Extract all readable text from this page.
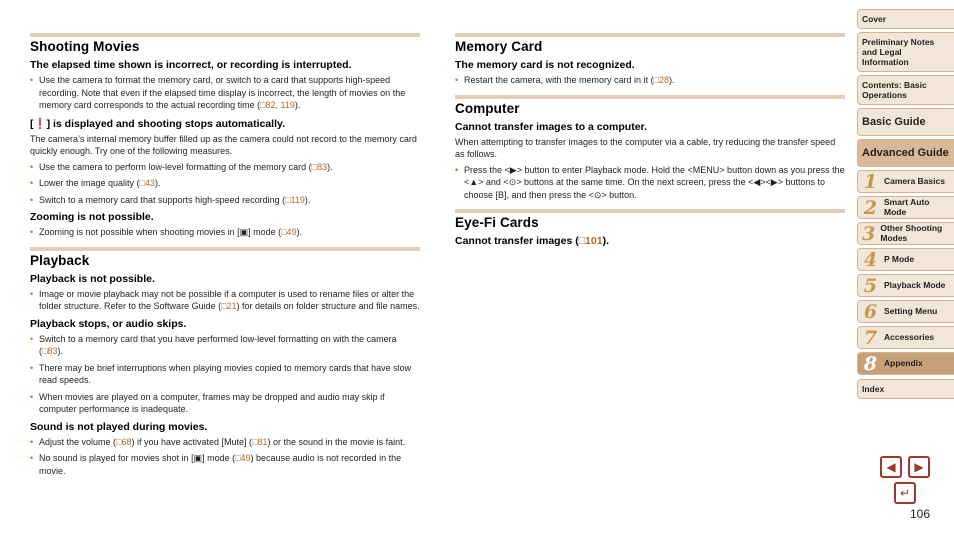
Shooting Movies
The elapsed time shown is incorrect, or recording is interrupted.
• Use the camera to format the memory card, or switch to a card that supports high-speed recording. Note that even if the elapsed time display is incorrect, the length of movies on the memory card corresponds to the actual recording time (□82, 119).
[❗] is displayed and shooting stops automatically.
The camera’s internal memory buffer filled up as the camera could not record to the memory card quickly enough. Try one of the following measures.
• Use the camera to perform low-level formatting of the memory card (□83).
• Lower the image quality (□43).
• Switch to a memory card that supports high-speed recording (□119).
Zooming is not possible.
• Zooming is not possible when shooting movies in [▣] mode (□49).
Playback
Playback is not possible.
• Image or movie playback may not be possible if a computer is used to rename files or alter the folder structure. Refer to the Software Guide (□21) for details on folder structure and file names.
Playback stops, or audio skips.
• Switch to a memory card that you have performed low-level formatting on with the camera (□83).
• There may be brief interruptions when playing movies copied to memory cards that have slow read speeds.
• When movies are played on a computer, frames may be dropped and audio may skip if computer performance is inadequate.
Sound is not played during movies.
• Adjust the volume (□68) if you have activated [Mute] (□81) or the sound in the movie is faint.
• No sound is played for movies shot in [▣] mode (□49) because audio is not recorded in the movie.
Memory Card
The memory card is not recognized.
• Restart the camera, with the memory card in it (□28).
Computer
Cannot transfer images to a computer.
When attempting to transfer images to the computer via a cable, try reducing the transfer speed as follows.
• Press the <▶> button to enter Playback mode. Hold the <MENU> button down as you press the <▲> and <⊙> buttons at the same time. On the next screen, press the <◀><▶> buttons to choose [B], and then press the <⊙> button.
Eye-Fi Cards
Cannot transfer images (□101).
Cover
Preliminary Notes and Legal Information
Contents: Basic Operations
Basic Guide
Advanced Guide
1 Camera Basics
2 Smart Auto Mode
3 Other Shooting Modes
4 P Mode
5 Playback Mode
6 Setting Menu
7 Accessories
8 Appendix
Index
◀ ▶
↵
106
